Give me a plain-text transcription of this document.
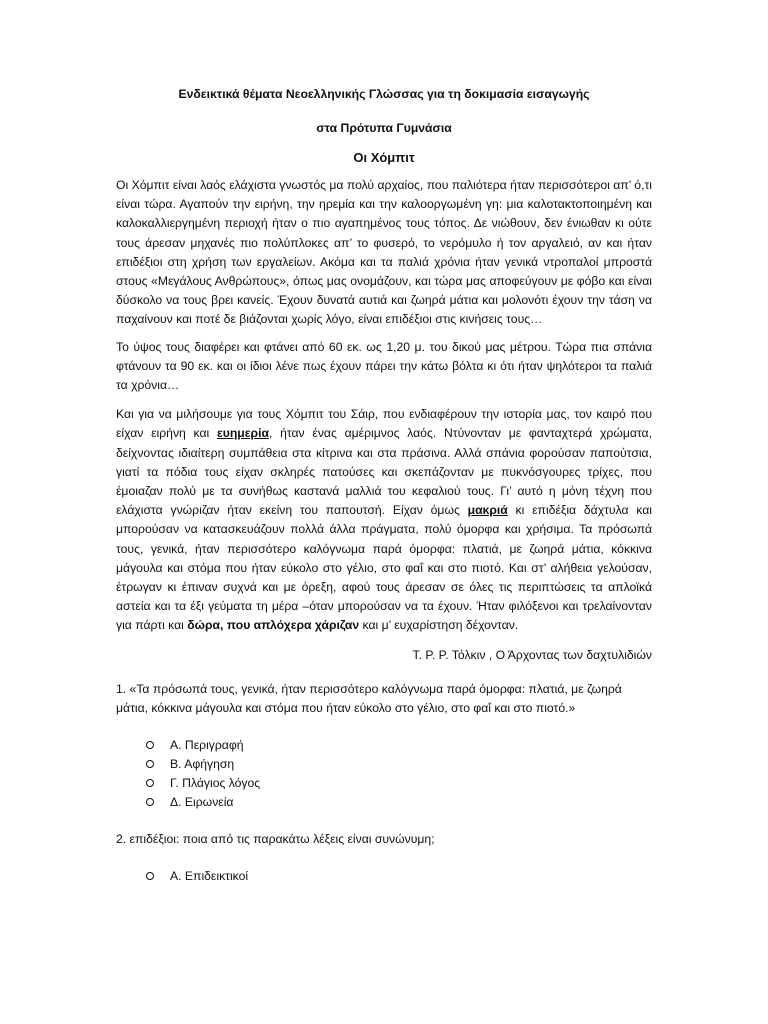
Ενδεικτικά θέματα Νεοελληνικής Γλώσσας για τη δοκιμασία εισαγωγής

στα Πρότυπα Γυμνάσια

Οι Χόμπιτ

Οι Χόμπιτ είναι λαός ελάχιστα γνωστός μα πολύ αρχαίος, που παλιότερα ήταν περισσότεροι απ’ ό,τι είναι τώρα. Αγαπούν την ειρήνη, την ηρεμία και την καλοοργωμένη γη: μια καλοτακτοποιημένη και καλοκαλλιεργημένη περιοχή ήταν ο πιο αγαπημένος τους τόπος. Δε νιώθουν, δεν ένιωθαν κι ούτε τους άρεσαν μηχανές πιο πολύπλοκες απ’ το φυσερό, το νερόμυλο ή τον αργαλειό, αν και ήταν επιδέξιοι στη χρήση των εργαλείων. Ακόμα και τα παλιά χρόνια ήταν γενικά ντροπαλοί μπροστά στους «Μεγάλους Ανθρώπους», όπως μας ονομάζουν, και τώρα μας αποφεύγουν με φόβο και είναι δύσκολο να τους βρει κανείς. Έχουν δυνατά αυτιά και ζωηρά μάτια και μολονότι έχουν την τάση να παχαίνουν και ποτέ δε βιάζονται χωρίς λόγο, είναι επιδέξιοι στις κινήσεις τους…

Το ύψος τους διαφέρει και φτάνει από 60 εκ. ως 1,20 μ. του δικού μας μέτρου. Τώρα πια σπάνια φτάνουν τα 90 εκ. και οι ίδιοι λένε πως έχουν πάρει την κάτω βόλτα κι ότι ήταν ψηλότεροι τα παλιά τα χρόνια…

Και για να μιλήσουμε για τους Χόμπιτ του Σάιρ, που ενδιαφέρουν την ιστορία μας, τον καιρό που είχαν ειρήνη και ευημερία, ήταν ένας αμέριμνος λαός. Ντύνονταν με φανταχτερά χρώματα, δείχνοντας ιδιαίτερη συμπάθεια στα κίτρινα και στα πράσινα. Αλλά σπάνια φορούσαν παπούτσια, γιατί τα πόδια τους είχαν σκληρές πατούσες και σκεπάζονταν με πυκνόσγουρες τρίχες, που έμοιαζαν πολύ με τα συνήθως καστανά μαλλιά του κεφαλιού τους. Γι’ αυτό η μόνη τέχνη που ελάχιστα γνώριζαν ήταν εκείνη του παπουτσή. Είχαν όμως μακριά κι επιδέξια δάχτυλα και μπορούσαν να κατασκευάζουν πολλά άλλα πράγματα, πολύ όμορφα και χρήσιμα. Τα πρόσωπά τους, γενικά, ήταν περισσότερο καλόγνωμα παρά όμορφα: πλατιά, με ζωηρά μάτια, κόκκινα μάγουλα και στόμα που ήταν εύκολο στο γέλιο, στο φαΐ και στο πιοτό. Και στ’ αλήθεια γελούσαν, έτρωγαν κι έπιναν συχνά και με όρεξη, αφού τους άρεσαν σε όλες τις περιπτώσεις τα απλοϊκά αστεία και τα έξι γεύματα τη μέρα –όταν μπορούσαν να τα έχουν. Ήταν φιλόξενοι και τρελαίνονταν για πάρτι και δώρα, που απλόχερα χάριζαν και μ’ ευχαρίστηση δέχονταν.

Τ. Ρ. Ρ. Τόλκιν , Ο Άρχοντας των δαχτυλιδιών

1. «Τα πρόσωπά τους, γενικά, ήταν περισσότερο καλόγνωμα παρά όμορφα: πλατιά, με ζωηρά μάτια, κόκκινα μάγουλα και στόμα που ήταν εύκολο στο γέλιο, στο φαΐ και στο πιοτό.»

Α. Περιγραφή
Β. Αφήγηση
Γ. Πλάγιος λόγος
Δ. Ειρωνεία

2. επιδέξιοι: ποια από τις παρακάτω λέξεις είναι συνώνυμη;

Α. Επιδεικτικοί
